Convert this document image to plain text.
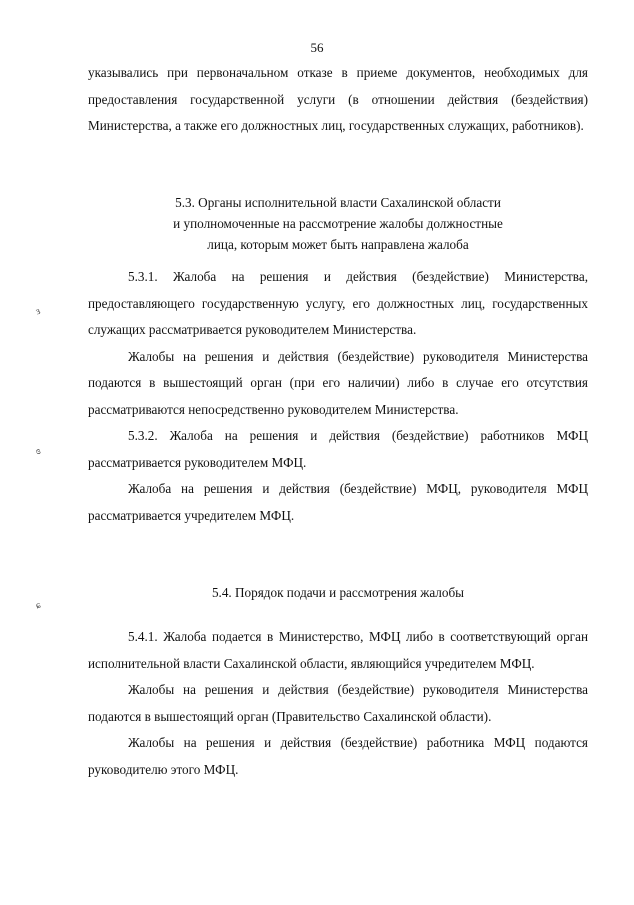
56

указывались при первоначальном отказе в приеме документов, необходимых для предоставления государственной услуги (в отношении действия (бездействия) Министерства, а также его должностных лиц, государственных служащих, работников).

5.3. Органы исполнительной власти Сахалинской области
и уполномоченные на рассмотрение жалобы должностные
лица, которым может быть направлена жалоба

5.3.1. Жалоба на решения и действия (бездействие) Министерства, предоставляющего государственную услугу, его должностных лиц, государственных служащих рассматривается руководителем Министерства.

Жалобы на решения и действия (бездействие) руководителя Министерства подаются в вышестоящий орган (при его наличии) либо в случае его отсутствия рассматриваются непосредственно руководителем Министерства.

5.3.2. Жалоба на решения и действия (бездействие) работников МФЦ рассматривается руководителем МФЦ.

Жалоба на решения и действия (бездействие) МФЦ, руководителя МФЦ рассматривается учредителем МФЦ.

5.4. Порядок подачи и рассмотрения жалобы

5.4.1. Жалоба подается в Министерство, МФЦ либо в соответствующий орган исполнительной власти Сахалинской области, являющийся учредителем МФЦ.

Жалобы на решения и действия (бездействие) руководителя Министерства подаются в вышестоящий орган (Правительство Сахалинской области).

Жалобы на решения и действия (бездействие) работника МФЦ подаются руководителю этого МФЦ.

ɜ
ɞ
ɕ
